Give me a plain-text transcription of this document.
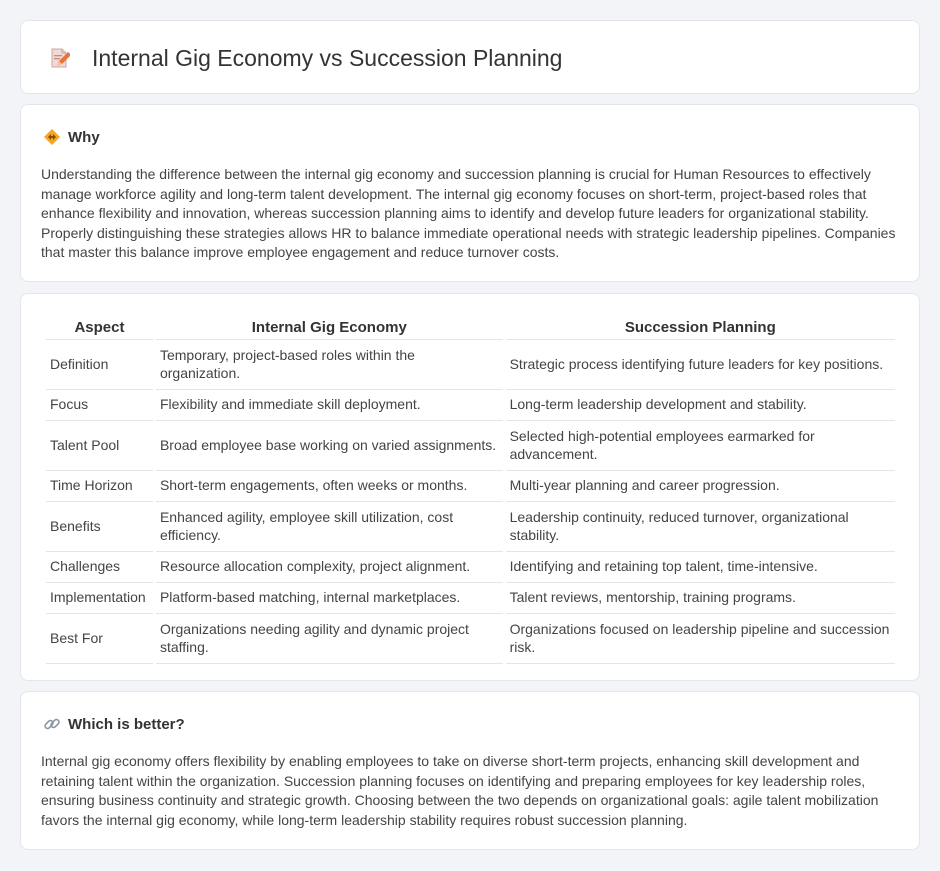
Internal Gig Economy vs Succession Planning
Why

Understanding the difference between the internal gig economy and succession planning is crucial for Human Resources to effectively manage workforce agility and long-term talent development. The internal gig economy focuses on short-term, project-based roles that enhance flexibility and innovation, whereas succession planning aims to identify and develop future leaders for organizational stability. Properly distinguishing these strategies allows HR to balance immediate operational needs with strategic leadership pipelines. Companies that master this balance improve employee engagement and reduce turnover costs.

Aspect	Internal Gig Economy	Succession Planning
Definition	Temporary, project-based roles within the organization.	Strategic process identifying future leaders for key positions.
Focus	Flexibility and immediate skill deployment.	Long-term leadership development and stability.
Talent Pool	Broad employee base working on varied assignments.	Selected high-potential employees earmarked for advancement.
Time Horizon	Short-term engagements, often weeks or months.	Multi-year planning and career progression.
Benefits	Enhanced agility, employee skill utilization, cost efficiency.	Leadership continuity, reduced turnover, organizational stability.
Challenges	Resource allocation complexity, project alignment.	Identifying and retaining top talent, time-intensive.
Implementation	Platform-based matching, internal marketplaces.	Talent reviews, mentorship, training programs.
Best For	Organizations needing agility and dynamic project staffing.	Organizations focused on leadership pipeline and succession risk.
Which is better?

Internal gig economy offers flexibility by enabling employees to take on diverse short-term projects, enhancing skill development and retaining talent within the organization. Succession planning focuses on identifying and preparing employees for key leadership roles, ensuring business continuity and strategic growth. Choosing between the two depends on organizational goals: agile talent mobilization favors the internal gig economy, while long-term leadership stability requires robust succession planning.
